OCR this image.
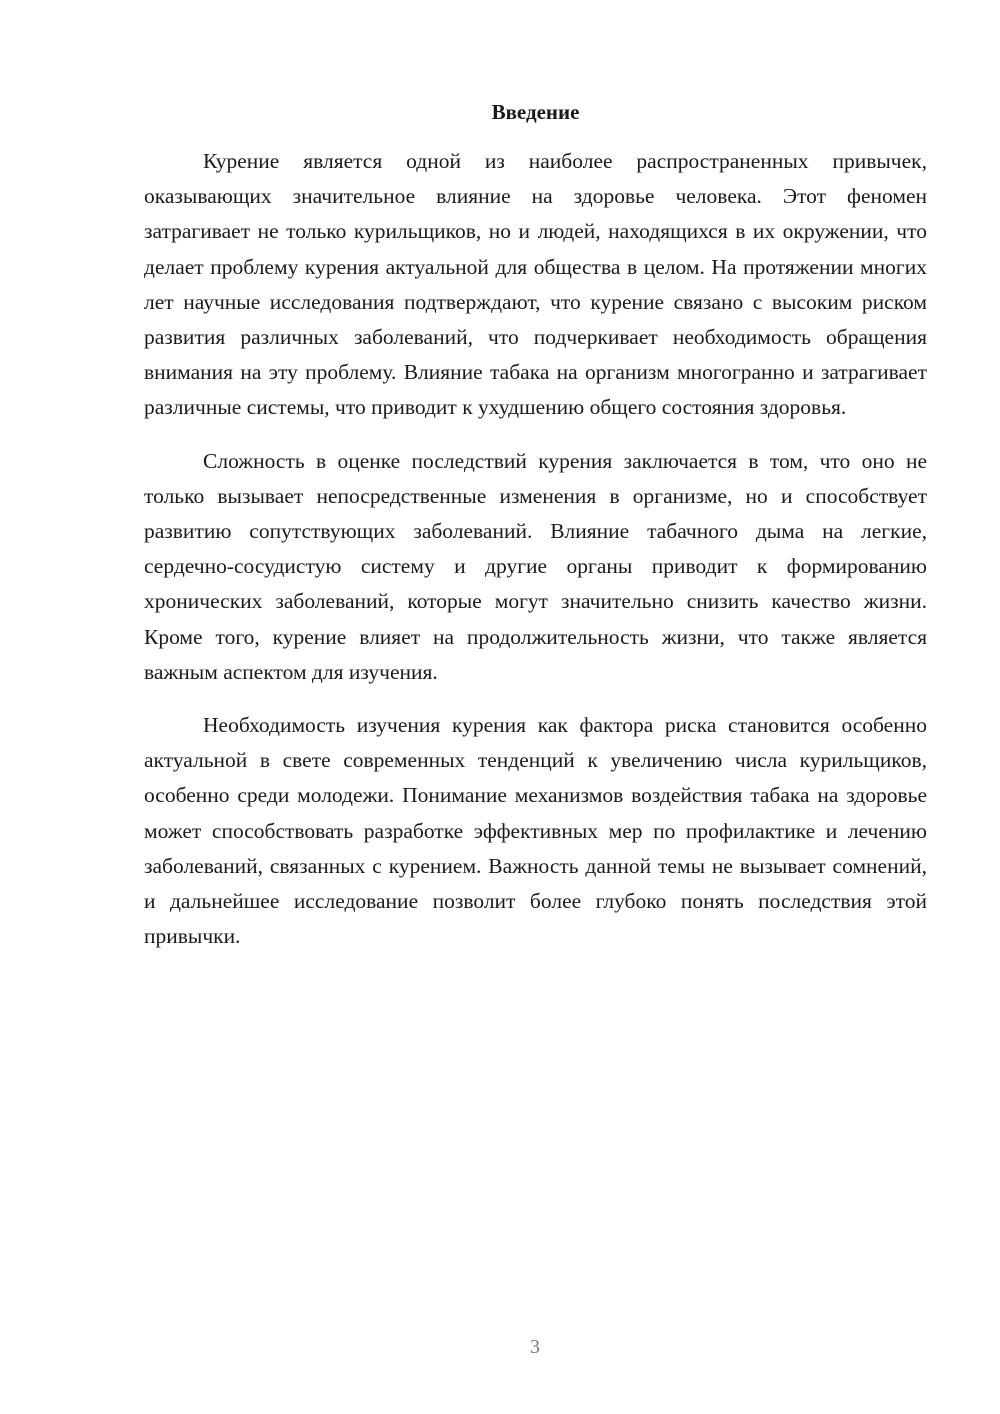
Введение

Курение является одной из наиболее распространенных привычек, оказывающих значительное влияние на здоровье человека. Этот феномен затрагивает не только курильщиков, но и людей, находящихся в их окружении, что делает проблему курения актуальной для общества в целом. На протяжении многих лет научные исследования подтверждают, что курение связано с высоким риском развития различных заболеваний, что подчеркивает необходимость обращения внимания на эту проблему. Влияние табака на организм многогранно и затрагивает различные системы, что приводит к ухудшению общего состояния здоровья.

Сложность в оценке последствий курения заключается в том, что оно не только вызывает непосредственные изменения в организме, но и способствует развитию сопутствующих заболеваний. Влияние табачного дыма на легкие, сердечно-сосудистую систему и другие органы приводит к формированию хронических заболеваний, которые могут значительно снизить качество жизни. Кроме того, курение влияет на продолжительность жизни, что также является важным аспектом для изучения.

Необходимость изучения курения как фактора риска становится особенно актуальной в свете современных тенденций к увеличению числа курильщиков, особенно среди молодежи. Понимание механизмов воздействия табака на здоровье может способствовать разработке эффективных мер по профилактике и лечению заболеваний, связанных с курением. Важность данной темы не вызывает сомнений, и дальнейшее исследование позволит более глубоко понять последствия этой привычки.

3
